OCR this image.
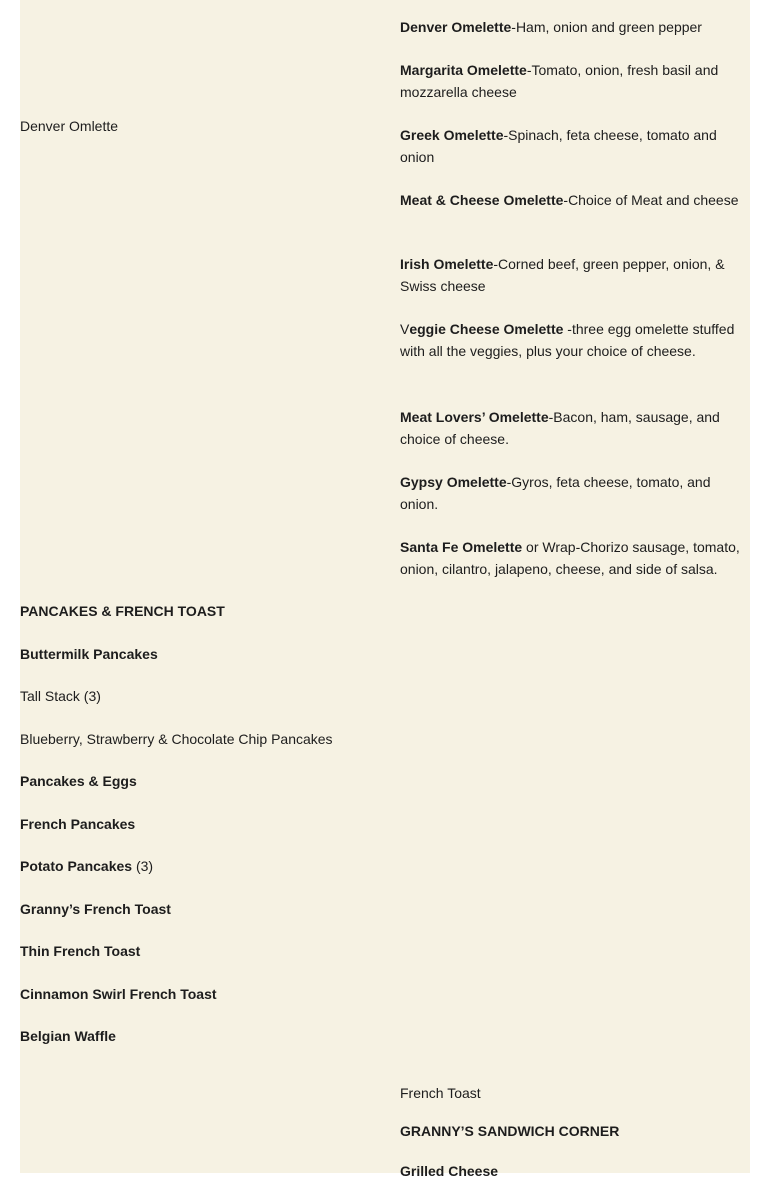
Denver Omlette
Denver Omelette-Ham, onion and green pepper
Margarita Omelette-Tomato, onion, fresh basil and mozzarella cheese
Greek Omelette-Spinach, feta cheese, tomato and onion
Meat & Cheese Omelette-Choice of Meat and cheese
Irish Omelette-Corned beef, green pepper, onion, & Swiss cheese
Veggie Cheese Omelette -three egg omelette stuffed with all the veggies, plus your choice of cheese.
Meat Lovers’ Omelette-Bacon, ham, sausage, and choice of cheese.
Gypsy Omelette-Gyros, feta cheese, tomato, and onion.
Santa Fe Omelette or Wrap-Chorizo sausage, tomato, onion, cilantro, jalapeno, cheese, and side of salsa.
PANCAKES & FRENCH TOAST
Buttermilk Pancakes
Tall Stack (3)
Blueberry, Strawberry & Chocolate Chip Pancakes
Pancakes & Eggs
French Pancakes
Potato Pancakes (3)
Granny’s French Toast
Thin French Toast
Cinnamon Swirl French Toast
Belgian Waffle
French Toast
GRANNY’S SANDWICH CORNER
Grilled Cheese
